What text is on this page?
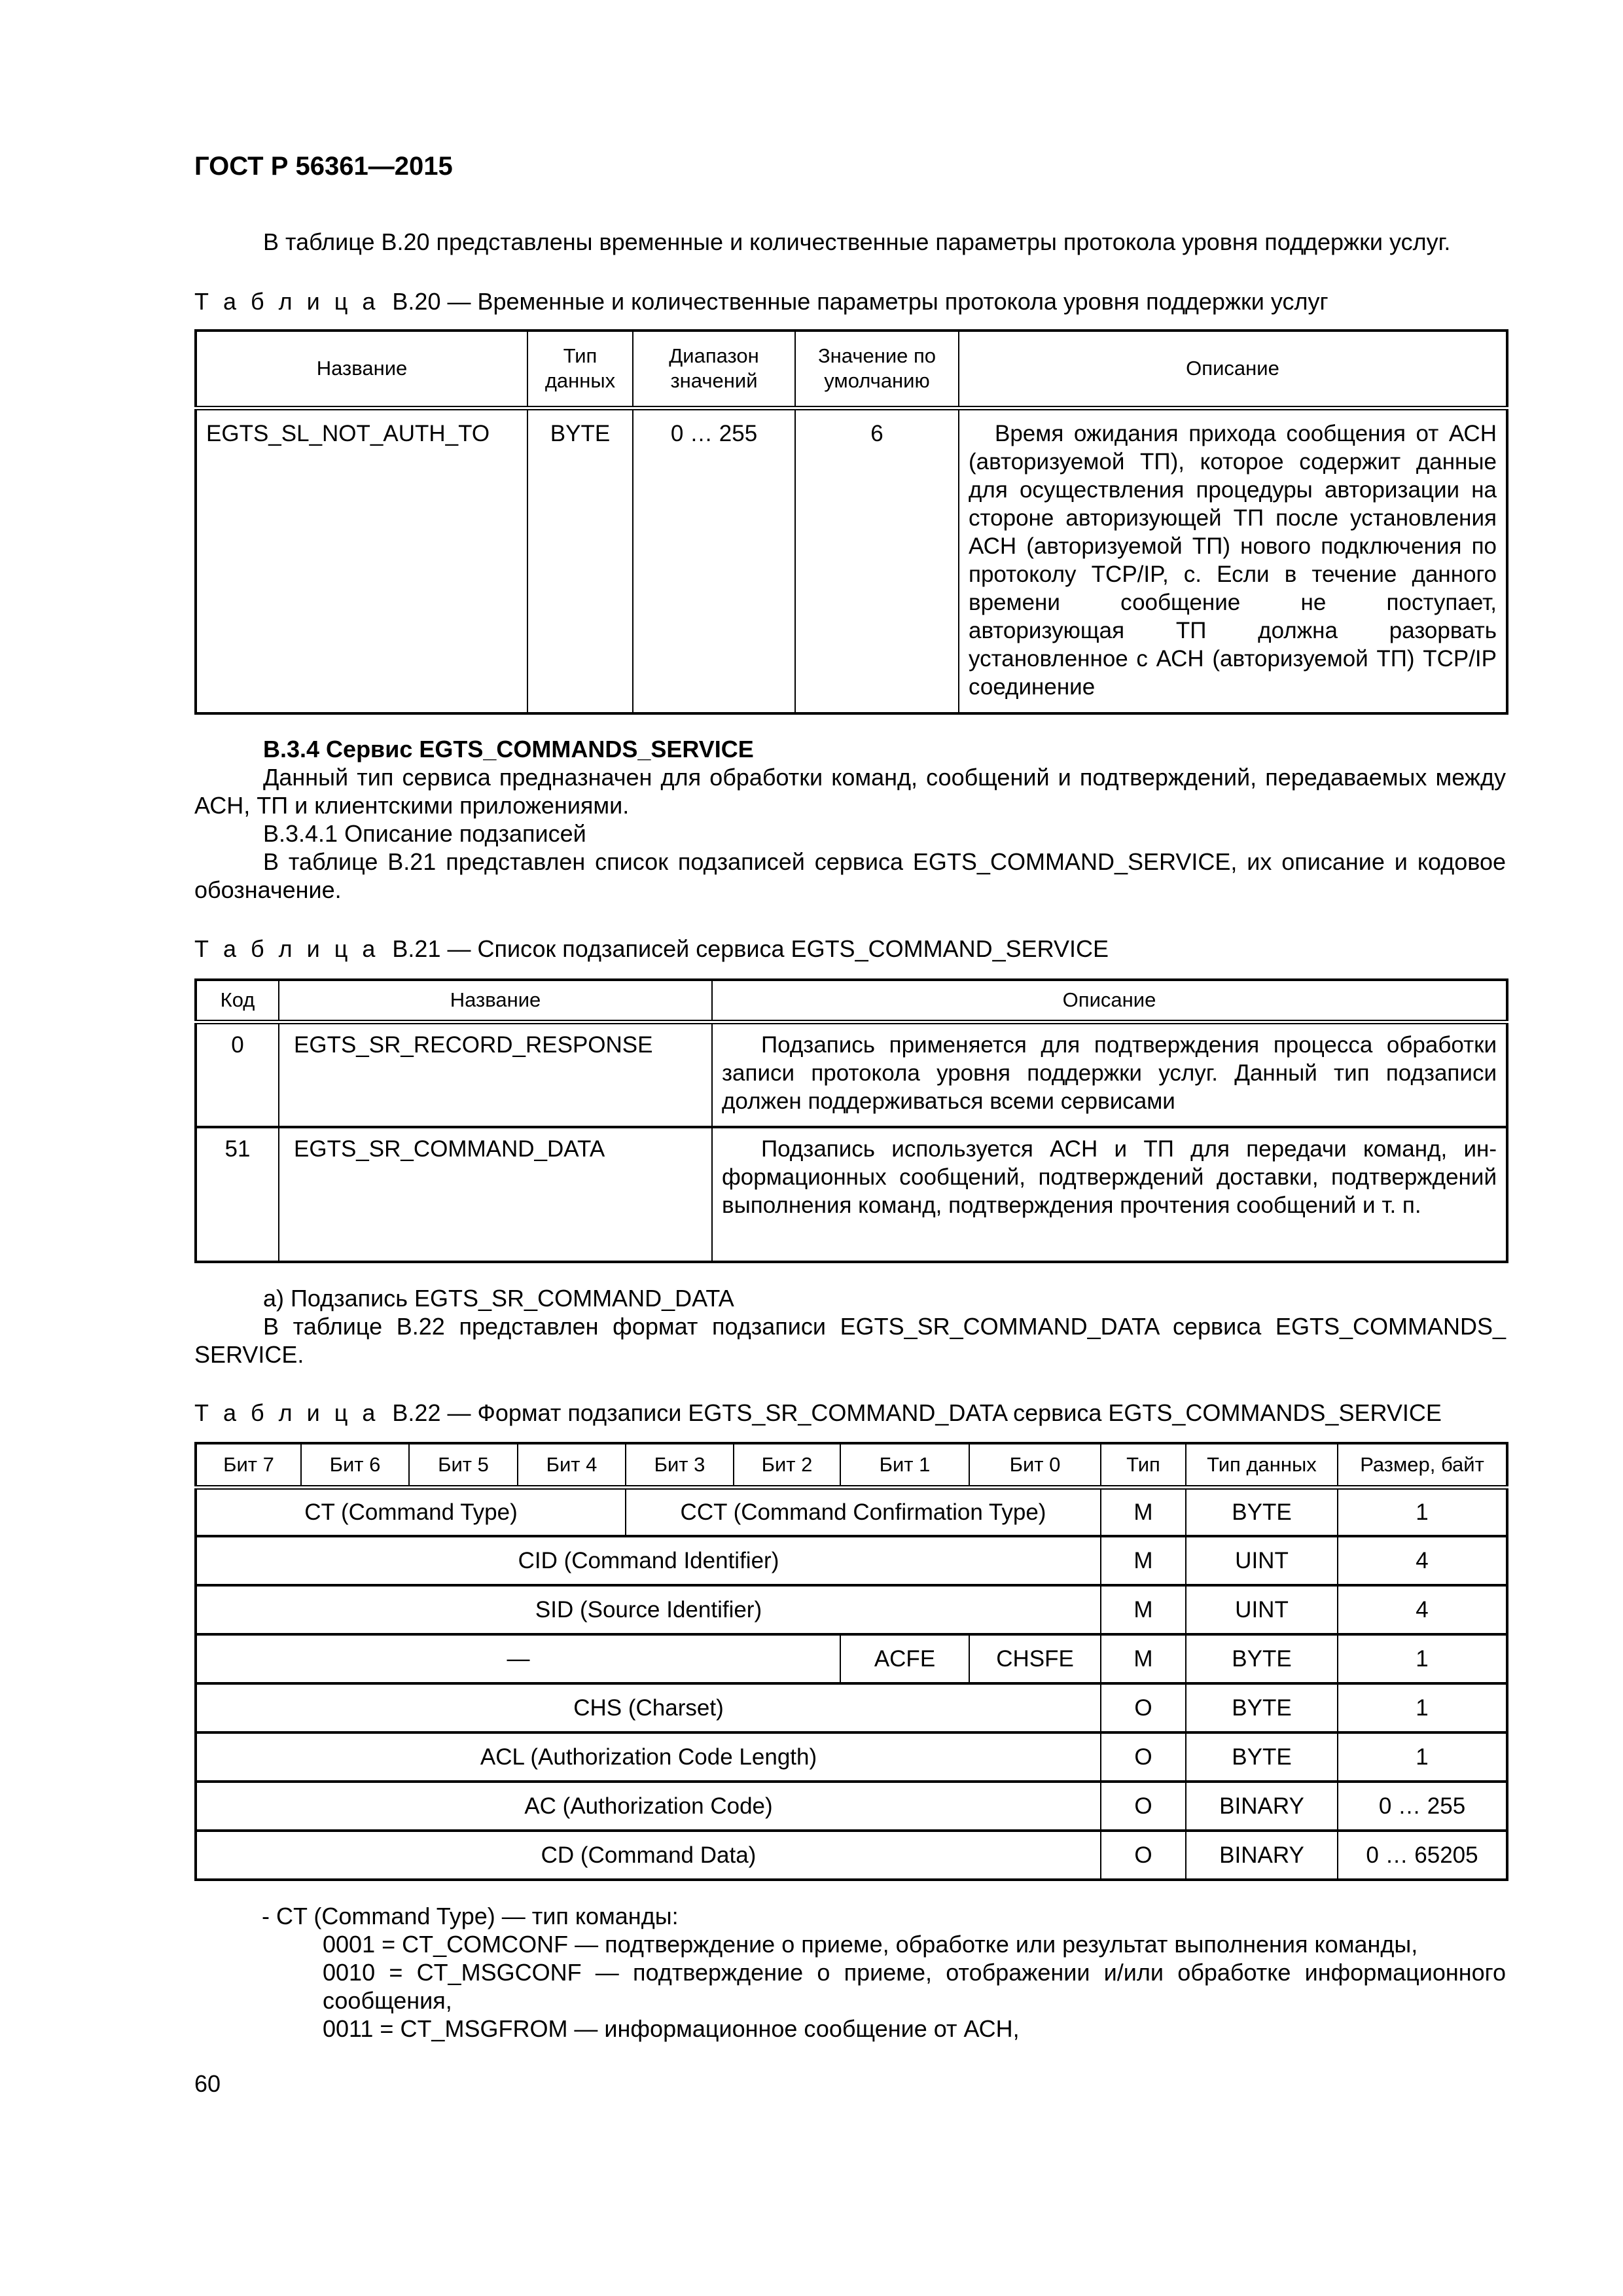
ГОСТ Р 56361—2015
В таблице В.20 представлены временные и количественные параметры протокола уровня поддержки услуг.
Т а б л и ц а В.20 — Временные и количественные параметры протокола уровня поддержки услуг
Название	Тип данных	Диапазон значений	Значение по умолчанию	Описание
EGTS_SL_NOT_AUTH_TO	BYTE	0 … 255	6	Время ожидания прихода сообщения от АСН (авторизуемой ТП), которое содержит данные для осуществления процедуры авторизации на стороне авторизующей ТП после установления АСН (авторизуемой ТП) нового подключения по протоколу TCP/IP, с. Если в течение данного времени сообщение не поступает, авторизующая ТП должна разорвать установленное с АСН (авторизуемой ТП) TCP/IP соединение
В.3.4 Сервис EGTS_COMMANDS_SERVICE
Данный тип сервиса предназначен для обработки команд, сообщений и подтверждений, передаваемых между АСН, ТП и клиентскими приложениями.
В.3.4.1 Описание подзаписей
В таблице В.21 представлен список подзаписей сервиса EGTS_COMMAND_SERVICE, их описание и кодовое обозначение.
Т а б л и ц а В.21 — Список подзаписей сервиса EGTS_COMMAND_SERVICE
Код	Название	Описание
0	EGTS_SR_RECORD_RESPONSE	Подзапись применяется для подтверждения процесса обработки записи протокола уровня поддержки услуг. Данный тип подзаписи должен поддерживаться всеми сервисами
51	EGTS_SR_COMMAND_DATA	Подзапись используется АСН и ТП для передачи команд, информационных сообщений, подтверждений доставки, подтверждений выполнения команд, подтверждения прочтения сообщений и т. п.
а) Подзапись EGTS_SR_COMMAND_DATA
В таблице В.22 представлен формат подзаписи EGTS_SR_COMMAND_DATA сервиса EGTS_COMMANDS_ SERVICE.
Т а б л и ц а В.22 — Формат подзаписи EGTS_SR_COMMAND_DATA сервиса EGTS_COMMANDS_SERVICE
Бит 7	Бит 6	Бит 5	Бит 4	Бит 3	Бит 2	Бит 1	Бит 0	Тип	Тип данных	Размер, байт
CT (Command Type)				CCT (Command Confirmation Type)				M	BYTE	1
CID (Command Identifier)								M	UINT	4
SID (Source Identifier)								M	UINT	4
—						ACFE	CHSFE	M	BYTE	1
CHS (Charset)								O	BYTE	1
ACL (Authorization Code Length)								O	BYTE	1
AC (Authorization Code)								O	BINARY	0 … 255
CD (Command Data)								O	BINARY	0 … 65205
- CT (Command Type) — тип команды:
0001 = CT_COMCONF — подтверждение о приеме, обработке или результат выполнения команды,
0010 = CT_MSGCONF — подтверждение о приеме, отображении и/или обработке информационного сообщения,
0011 = CT_MSGFROM — информационное сообщение от АСН,
60
